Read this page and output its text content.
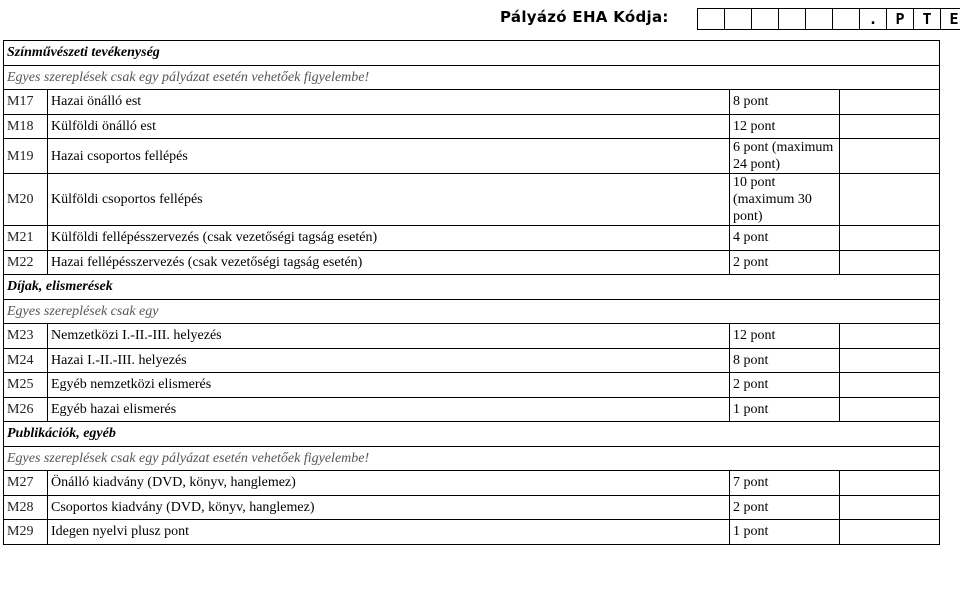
Pályázó EHA Kódja:	.	P	T	E
Színművészeti tevékenység			
Egyes szereplések csak egy pályázat esetén vehetőek figyelembe!			
M17	Hazai önálló est	8 pont	
M18	Külföldi önálló est	12 pont	
M19	Hazai csoportos fellépés	6 pont (maximum 24 pont)	
M20	Külföldi csoportos fellépés	10 pont (maximum 30 pont)	
M21	Külföldi fellépésszervezés (csak vezetőségi tagság esetén)	4 pont	
M22	Hazai fellépésszervezés (csak vezetőségi tagság esetén)	2 pont	
Díjak, elismerések			
Egyes szereplések csak egy			
M23	Nemzetközi I.-II.-III. helyezés	12 pont	
M24	Hazai I.-II.-III. helyezés	8 pont	
M25	Egyéb nemzetközi elismerés	2 pont	
M26	Egyéb hazai elismerés	1 pont	
Publikációk, egyéb			
Egyes szereplések csak egy pályázat esetén vehetőek figyelembe!			
M27	Önálló kiadvány (DVD, könyv, hanglemez)	7 pont	
M28	Csoportos kiadvány (DVD, könyv, hanglemez)	2 pont	
M29	Idegen nyelvi plusz pont	1 pont	
